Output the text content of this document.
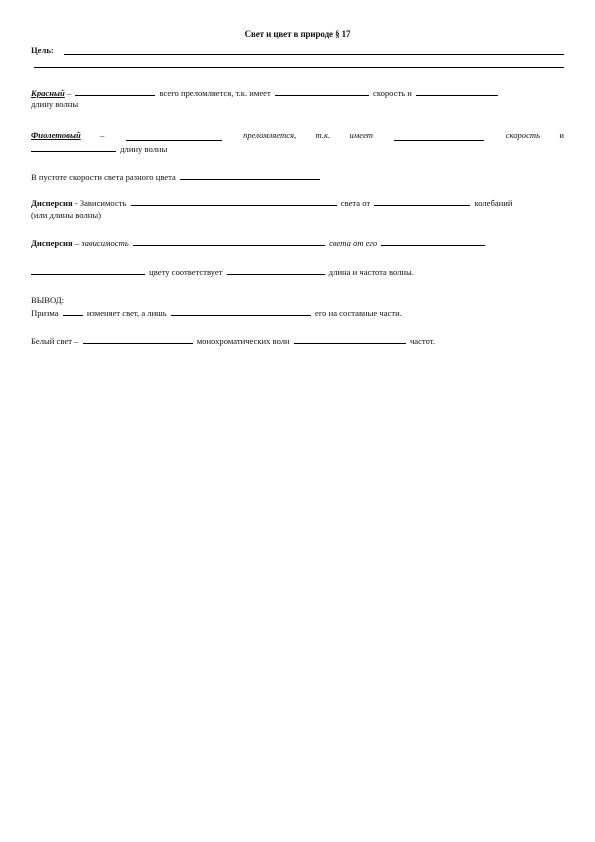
Свет и цвет в природе § 17
Цель:
Красный –	всего преломляется, т.к. имеет	скорость и
длину волны
Фиолетовый –	преломляется, т.к. имеет	скорость и
длину волны
В пустоте скорости света разного цвета
Дисперсия - Зависимость	света от	колебаний
(или длины волны)
Дисперсия – зависимость	света от его
цвету соответствует	длина и частота волны.
ВЫВОД:
Призма	изменяет свет, а лишь	его на составные части.
Белый свет –	монохроматических волн	частот.
